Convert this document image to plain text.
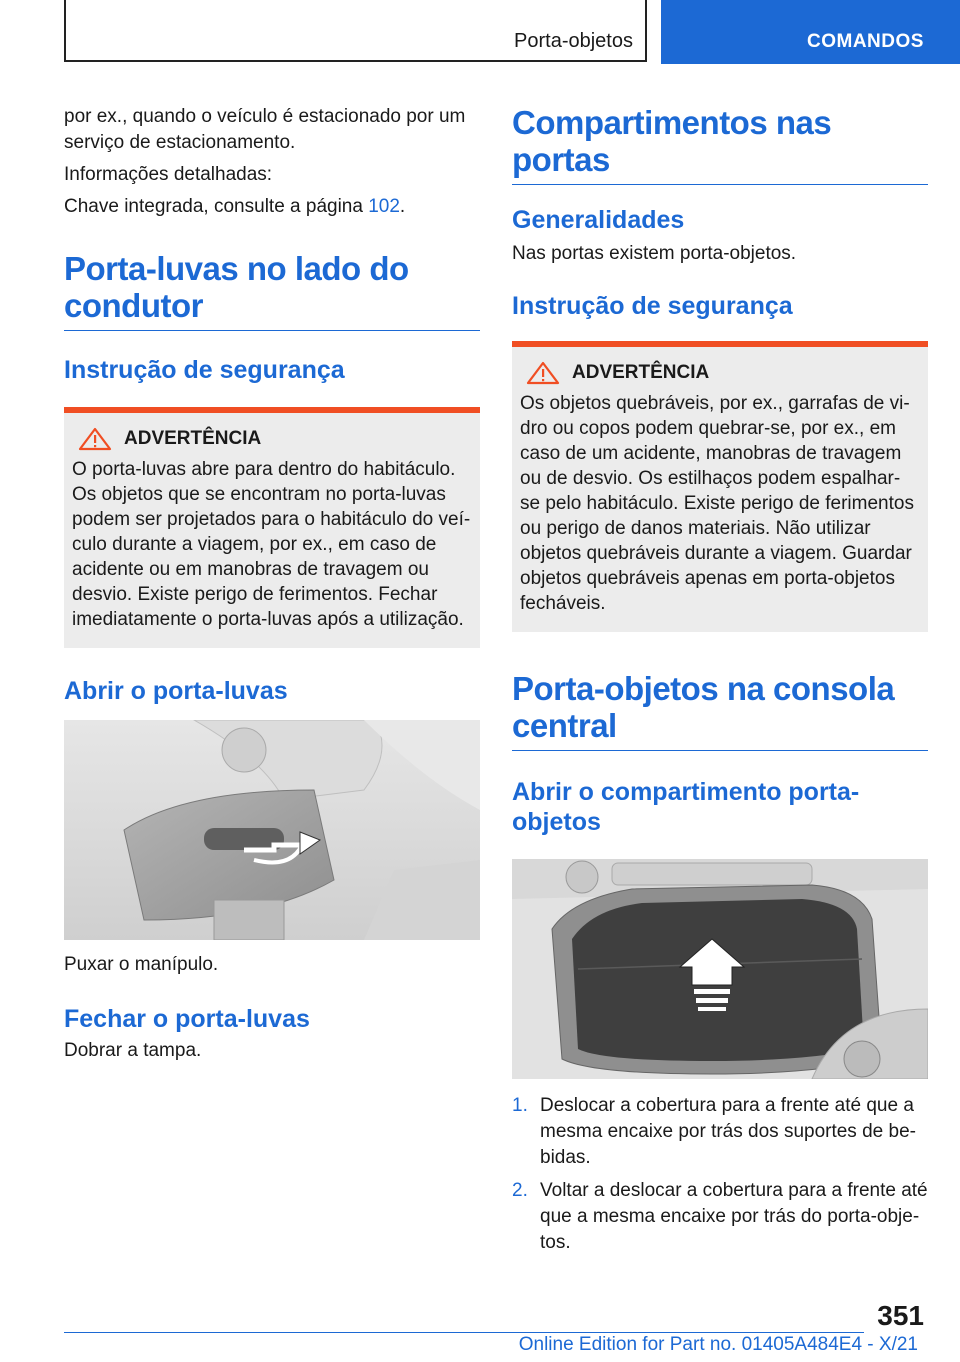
Porta-objetos	COMANDOS

por ex., quando o veículo é estacionado por um serviço de estacionamento.

Informações detalhadas:

Chave integrada, consulte a página 102.

Porta-luvas no lado do condutor
Instrução de segurança
ADVERTÊNCIA

O porta-luvas abre para dentro do habitáculo. Os objetos que se encontram no porta-luvas podem ser projetados para o habitáculo do veículo durante a viagem, por ex., em caso de acidente ou em manobras de travagem ou desvio. Existe perigo de ferimentos. Fechar imediatamente o porta-luvas após a utilização.

Abrir o porta-luvas

Puxar o manípulo.

Fechar o porta-luvas

Dobrar a tampa.

Compartimentos nas portas
Generalidades

Nas portas existem porta-objetos.

Instrução de segurança
ADVERTÊNCIA

Os objetos quebráveis, por ex., garrafas de vidro ou copos podem quebrar-se, por ex., em caso de um acidente, manobras de travagem ou de desvio. Os estilhaços podem espalhar-se pelo habitáculo. Existe perigo de ferimentos ou perigo de danos materiais. Não utilizar objetos quebráveis durante a viagem. Guardar objetos quebráveis apenas em porta-objetos fecháveis.

Porta-objetos na consola central
Abrir o compartimento porta-objetos
1. Deslocar a cobertura para a frente até que a mesma encaixe por trás dos suportes de bebidas.
2. Voltar a deslocar a cobertura para a frente até que a mesma encaixe por trás do porta-objetos.
351
Online Edition for Part no. 01405A484E4 - X/21
